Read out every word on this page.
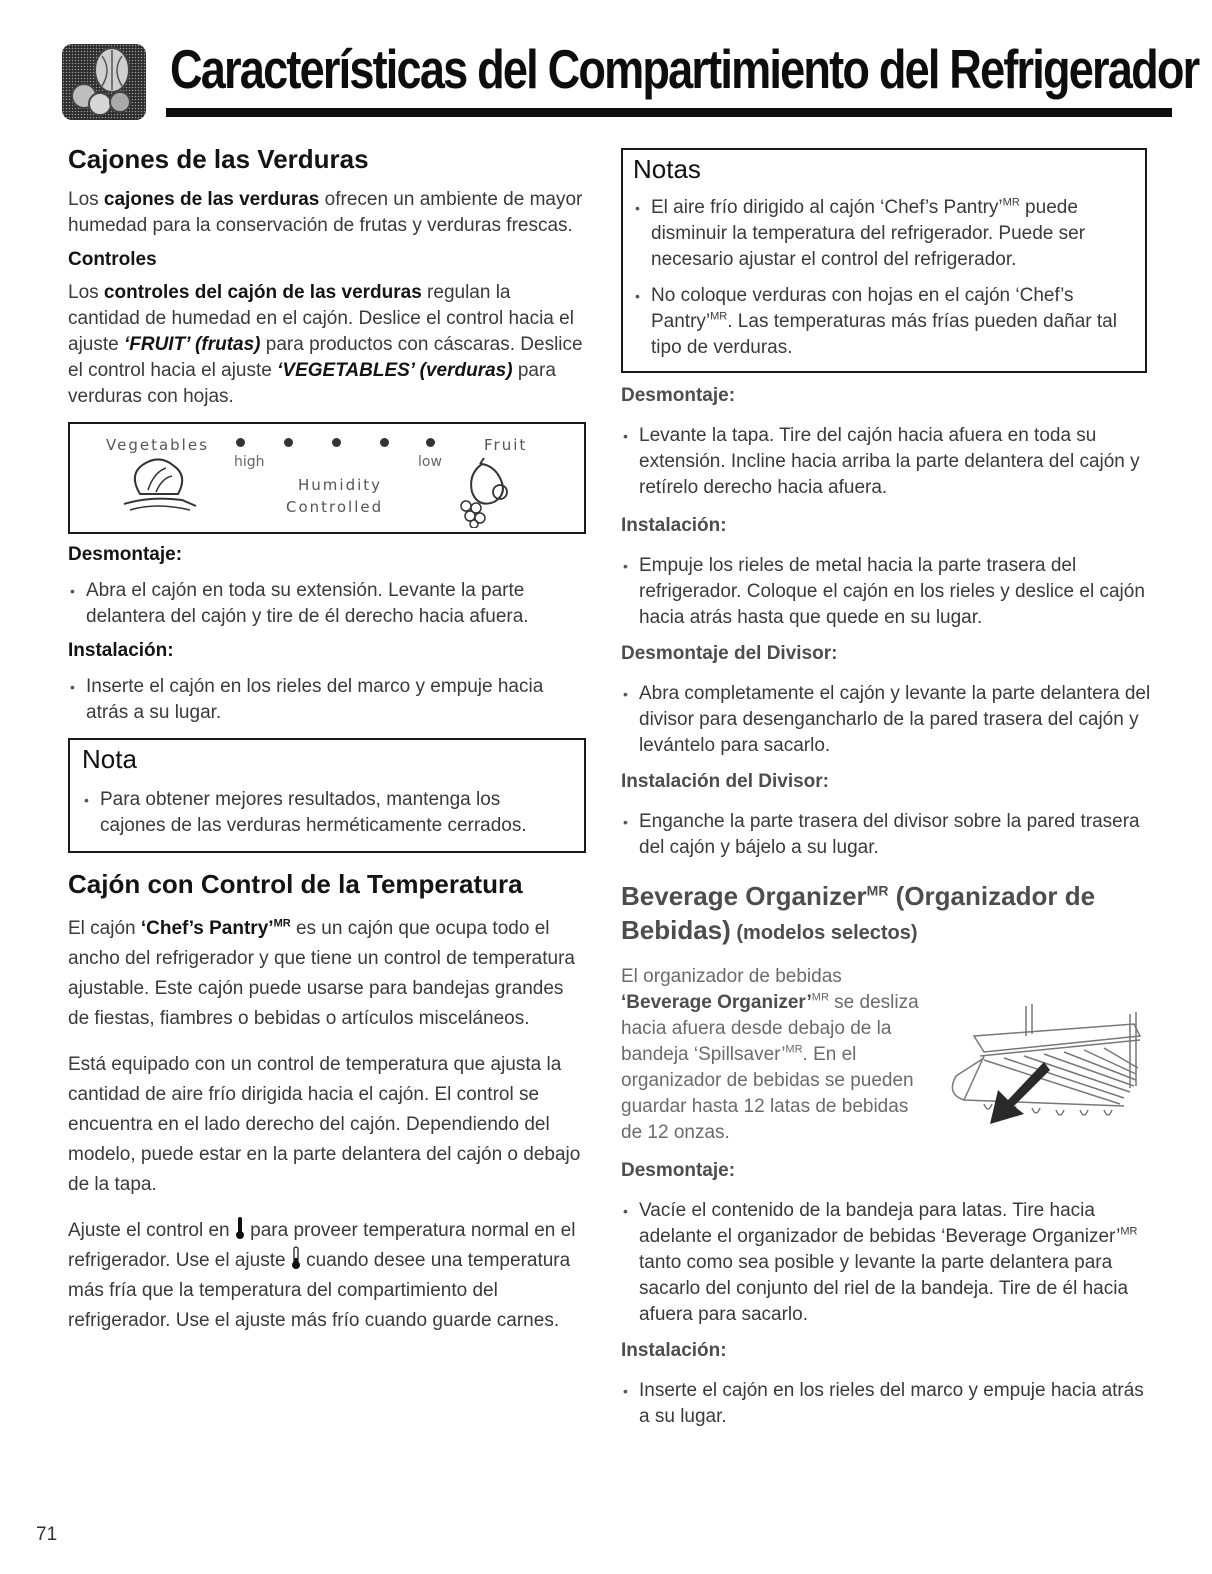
Características del Compartimiento del Refrigerador
Cajones de las Verduras

Los cajones de las verduras ofrecen un ambiente de mayor humedad para la conservación de frutas y verduras frescas.

Controles

Los controles del cajón de las verduras regulan la cantidad de humedad en el cajón. Deslice el control hacia el ajuste ‘FRUIT’ (frutas) para productos con cáscaras. Deslice el control hacia el ajuste ‘VEGETABLES’ (verduras) para verduras con hojas.

Vegetables	Fruit
high	low
Humidity
Controlled
Desmontaje:
• Abra el cajón en toda su extensión. Levante la parte delantera del cajón y tire de él derecho hacia afuera.
Instalación:
• Inserte el cajón en los rieles del marco y empuje hacia atrás a su lugar.
Nota
• Para obtener mejores resultados, mantenga los cajones de las verduras herméticamente cerrados.
Cajón con Control de la Temperatura

El cajón ‘Chef’s Pantry’$^{MR}$ es un cajón que ocupa todo el ancho del refrigerador y que tiene un control de temperatura ajustable. Este cajón puede usarse para bandejas grandes de fiestas, fiambres o bebidas o artículos misceláneos.

Está equipado con un control de temperatura que ajusta la cantidad de aire frío dirigida hacia el cajón. El control se encuentra en el lado derecho del cajón. Dependiendo del modelo, puede estar en la parte delantera del cajón o debajo de la tapa.

Ajuste el control en  para proveer temperatura normal en el refrigerador. Use el ajuste  cuando desee una temperatura más fría que la temperatura del compartimiento del refrigerador. Use el ajuste más frío cuando guarde carnes.

Notas
• El aire frío dirigido al cajón ‘Chef’s Pantry’$^{MR}$ puede disminuir la temperatura del refrigerador. Puede ser necesario ajustar el control del refrigerador.
• No coloque verduras con hojas en el cajón ‘Chef’s Pantry’$^{MR}$. Las temperaturas más frías pueden dañar tal tipo de verduras.
Desmontaje:
• Levante la tapa. Tire del cajón hacia afuera en toda su extensión. Incline hacia arriba la parte delantera del cajón y retírelo derecho hacia afuera.
Instalación:
• Empuje los rieles de metal hacia la parte trasera del refrigerador. Coloque el cajón en los rieles y deslice el cajón hacia atrás hasta que quede en su lugar.
Desmontaje del Divisor:
• Abra completamente el cajón y levante la parte delantera del divisor para desengancharlo de la pared trasera del cajón y levántelo para sacarlo.
Instalación del Divisor:
• Enganche la parte trasera del divisor sobre la pared trasera del cajón y bájelo a su lugar.
Beverage Organizer$^{MR}$ (Organizador de Bebidas) (modelos selectos)

El organizador de bebidas ‘Beverage Organizer’$^{MR}$ se desliza hacia afuera desde debajo de la bandeja ‘Spillsaver’$^{MR}$. En el organizador de bebidas se pueden guardar hasta 12 latas de bebidas de 12 onzas.

Desmontaje:
• Vacíe el contenido de la bandeja para latas. Tire hacia adelante el organizador de bebidas ‘Beverage Organizer’$^{MR}$ tanto como sea posible y levante la parte delantera para sacarlo del conjunto del riel de la bandeja. Tire de él hacia afuera para sacarlo.
Instalación:
• Inserte el cajón en los rieles del marco y empuje hacia atrás a su lugar.
71
